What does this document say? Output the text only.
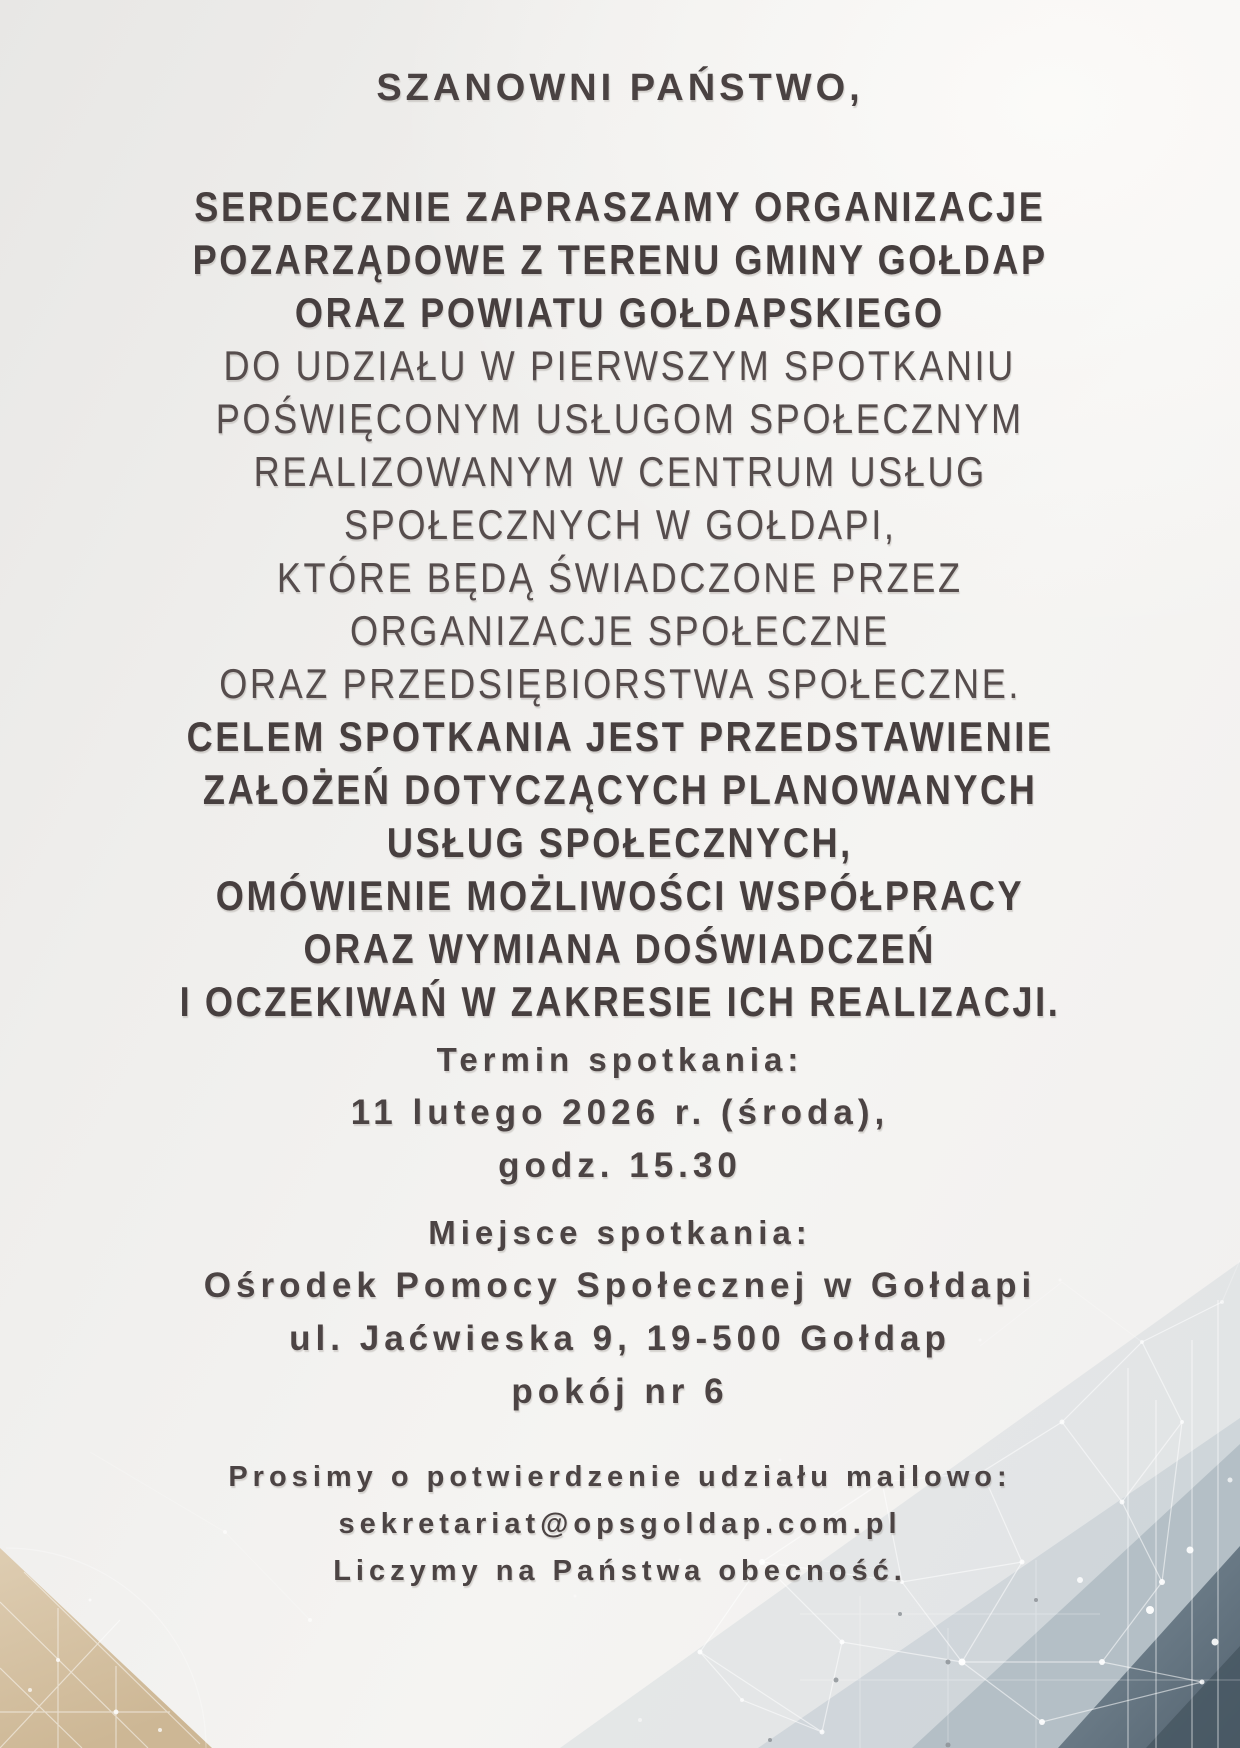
SZANOWNI PAŃSTWO,
SERDECZNIE ZAPRASZAMY ORGANIZACJE
POZARZĄDOWE Z TERENU GMINY GOŁDAP
ORAZ POWIATU GOŁDAPSKIEGO
DO UDZIAŁU W PIERWSZYM SPOTKANIU
POŚWIĘCONYM USŁUGOM SPOŁECZNYM
REALIZOWANYM W CENTRUM USŁUG
SPOŁECZNYCH W GOŁDAPI,
KTÓRE BĘDĄ ŚWIADCZONE PRZEZ
ORGANIZACJE SPOŁECZNE
ORAZ PRZEDSIĘBIORSTWA SPOŁECZNE.
CELEM SPOTKANIA JEST PRZEDSTAWIENIE
ZAŁOŻEŃ DOTYCZĄCYCH PLANOWANYCH
USŁUG SPOŁECZNYCH,
OMÓWIENIE MOŻLIWOŚCI WSPÓŁPRACY
ORAZ WYMIANA DOŚWIADCZEŃ
I OCZEKIWAŃ W ZAKRESIE ICH REALIZACJI.
Termin spotkania:
11 lutego 2026 r. (środa),
godz. 15.30
Miejsce spotkania:
Ośrodek Pomocy Społecznej w Gołdapi
ul. Jaćwieska 9, 19-500 Gołdap
pokój nr 6
Prosimy o potwierdzenie udziału mailowo:
sekretariat@opsgoldap.com.pl
Liczymy na Państwa obecność.
